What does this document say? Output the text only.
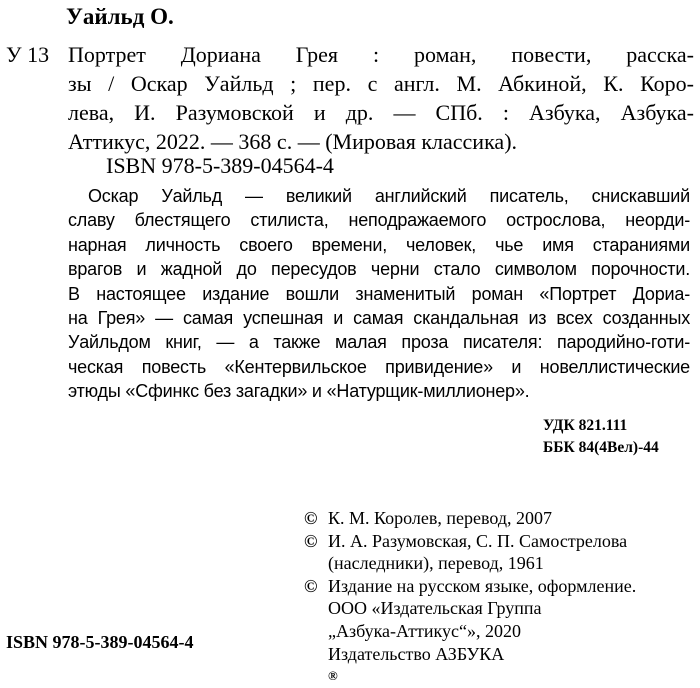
Уайльд О.
У 13 Портрет Дориана Грея : роман, повести, расска-
зы / Оскар Уайльд ; пер. с англ. М. Абкиной, К. Коро-
лева, И. Разумовской и др. — СПб. : Азбука, Азбука-
Аттикус, 2022. — 368 с. — (Мировая классика).
ISBN 978-5-389-04564-4
Оскар Уайльд — великий английский писатель, снискавший
славу блестящего стилиста, неподражаемого острослова, неорди-
нарная личность своего времени, человек, чье имя стараниями
врагов и жадной до пересудов черни стало символом порочности.
В настоящее издание вошли знаменитый роман «Портрет Дориа-
на Грея» — самая успешная и самая скандальная из всех созданных
Уайльдом книг, — а также малая проза писателя: пародийно-готи-
ческая повесть «Кентервильское привидение» и новеллистические
этюды «Сфинкс без загадки» и «Натурщик-миллионер».
УДК 821.111
ББК 84(4Вел)-44
© К. М. Королев, перевод, 2007
© И. А. Разумовская, С. П. Самострелова
(наследники), перевод, 1961
© Издание на русском языке, оформление.
ООО «Издательская Группа
„Азбука-Аттикус“», 2020
Издательство АЗБУКА
®
ISBN 978-5-389-04564-4
